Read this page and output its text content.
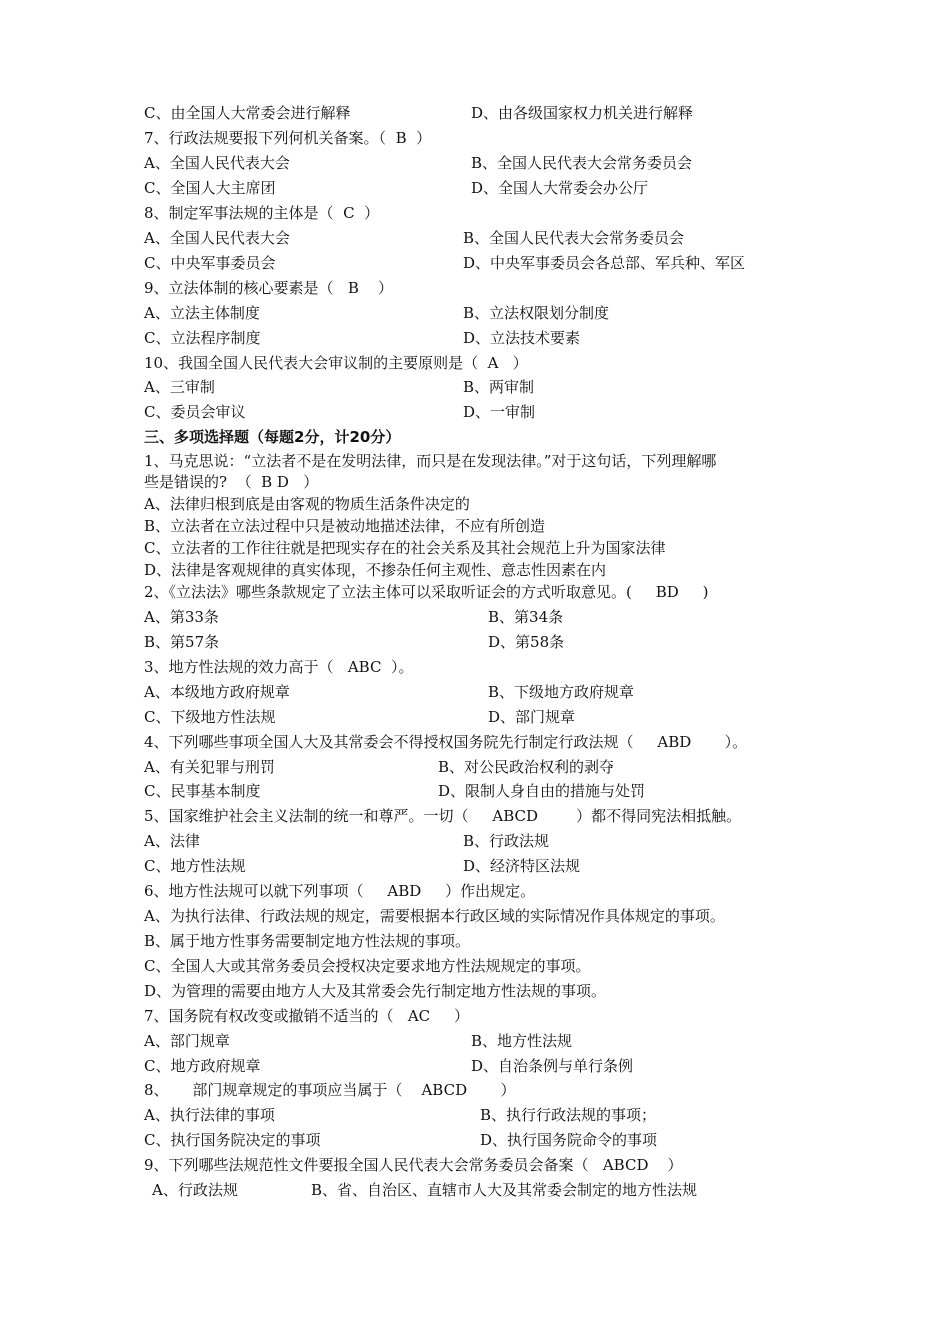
C、由全国人大常委会进行解释

	D、由各级国家权力机关进行解释

7、行政法规要报下列何机关备案。（  B  ）

A、全国人民代表大会

	B、全国人民代表大会常务委员会

C、全国人大主席团

	D、全国人大常委会办公厅

8、制定军事法规的主体是（  C  ）

A、全国人民代表大会

	B、全国人民代表大会常务委员会

C、中央军事委员会

	D、中央军事委员会各总部、军兵种、军区

9、立法体制的核心要素是（   B    ）

A、立法主体制度

	B、立法权限划分制度

C、立法程序制度

	D、立法技术要素

10、我国全国人民代表大会审议制的主要原则是（  A   ）

A、三审制

	B、两审制

C、委员会审议

	D、一审制

三、多项选择题（每题2分，计20分）
1、马克思说：“立法者不是在发明法律，而只是在发现法律。”对于这句话，下列理解哪
些是错误的?  （  B D   ）
A、法律归根到底是由客观的物质生活条件决定的
B、立法者在立法过程中只是被动地描述法律，不应有所创造
C、立法者的工作往往就是把现实存在的社会关系及其社会规范上升为国家法律
D、法律是客观规律的真实体现，不掺杂任何主观性、意志性因素在内
2、《立法法》哪些条款规定了立法主体可以采取听证会的方式听取意见。(     BD     )

A、第33条

	B、第34条

B、第57条

	D、第58条

3、地方性法规的效力高于（   ABC  ）。

A、本级地方政府规章

	B、下级地方政府规章

C、下级地方性法规

	D、部门规章

4、下列哪些事项全国人大及其常委会不得授权国务院先行制定行政法规（     ABD       ）。

A、有关犯罪与刑罚

	B、对公民政治权利的剥夺

C、民事基本制度

	D、限制人身自由的措施与处罚

5、国家维护社会主义法制的统一和尊严。一切（     ABCD        ）都不得同宪法相抵触。

A、法律

	B、行政法规

C、地方性法规

	D、经济特区法规

6、地方性法规可以就下列事项（     ABD     ）作出规定。
A、为执行法律、行政法规的规定，需要根据本行政区域的实际情况作具体规定的事项。
B、属于地方性事务需要制定地方性法规的事项。
C、全国人大或其常务委员会授权决定要求地方性法规规定的事项。
D、为管理的需要由地方人大及其常委会先行制定地方性法规的事项。
7、国务院有权改变或撤销不适当的（   AC     ）

A、部门规章

	B、地方性法规

C、地方政府规章

	D、自治条例与单行条例

8、     部门规章规定的事项应当属于（    ABCD       ）

A、执行法律的事项

	B、执行行政法规的事项；

C、执行国务院决定的事项

	D、执行国务院命令的事项

9、下列哪些法规范性文件要报全国人民代表大会常务委员会备案（   ABCD    ）

A、行政法规

	B、省、自治区、直辖市人大及其常委会制定的地方性法规
